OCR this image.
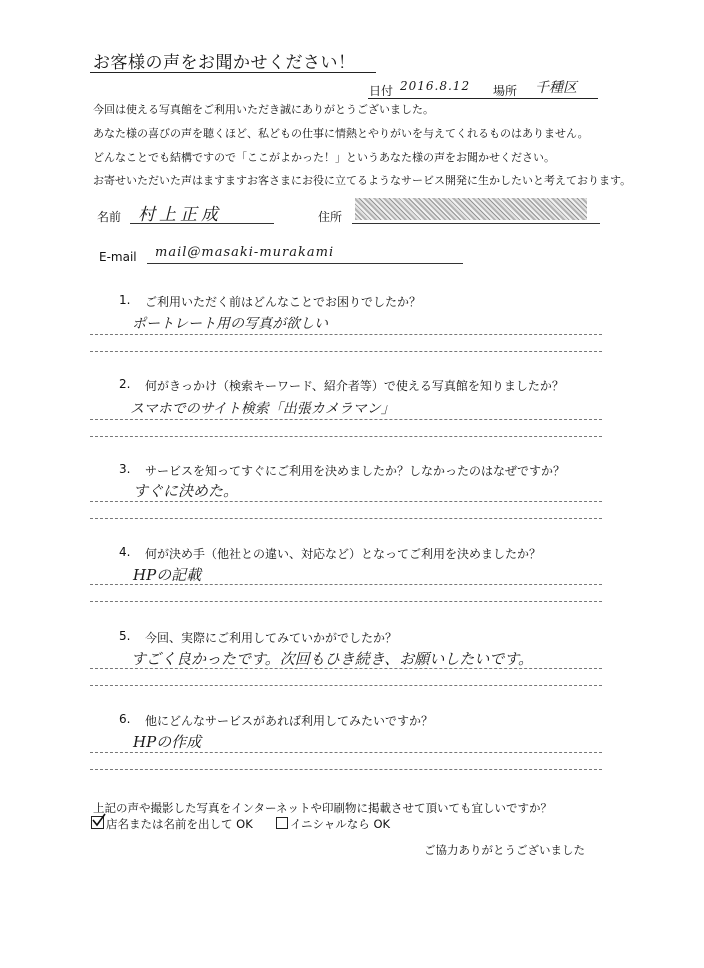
お客様の声をお聞かせください！
日付 2016.8.12 場所 千種区
今回は使える写真館をご利用いただき誠にありがとうございました。
あなた様の喜びの声を聴くほど、私どもの仕事に情熱とやりがいを与えてくれるものはありません。
どんなことでも結構ですので「ここがよかった！」というあなた様の声をお聞かせください。
お寄せいただいた声はますますお客さまにお役に立てるようなサービス開発に生かしたいと考えております。
名前 村上正成	住所
E-mail mail@masaki-murakami
1. ご利用いただく前はどんなことでお困りでしたか？
ポートレート用の写真が欲しい
2. 何がきっかけ（検索キーワード、紹介者等）で使える写真館を知りましたか？
スマホでのサイト検索「出張カメラマン」
3. サービスを知ってすぐにご利用を決めましたか？しなかったのはなぜですか？
すぐに決めた。
4. 何が決め手（他社との違い、対応など）となってご利用を決めましたか？
HPの記載
5. 今回、実際にご利用してみていかがでしたか？
すごく良かったです。次回もひき続き、お願いしたいです。
6. 他にどんなサービスがあれば利用してみたいですか？
HPの作成
上記の声や撮影した写真をインターネットや印刷物に掲載させて頂いても宜しいですか？
店名または名前を出して OK	イニシャルなら OK
ご協力ありがとうございました
